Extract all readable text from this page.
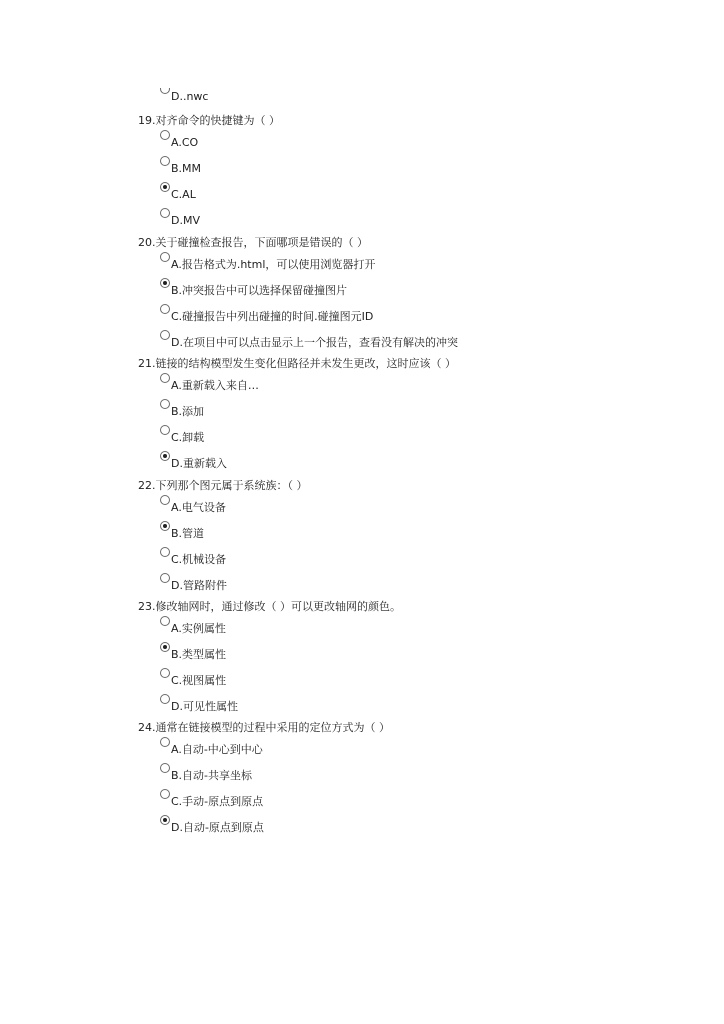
D..nwc
19.对齐命令的快捷键为（ ）
A.CO
B.MM
C.AL
D.MV
20.关于碰撞检查报告，下面哪项是错误的（ ）
A.报告格式为.html，可以使用浏览器打开
B.冲突报告中可以选择保留碰撞图片
C.碰撞报告中列出碰撞的时间.碰撞图元ID
D.在项目中可以点击显示上一个报告，查看没有解决的冲突
21.链接的结构模型发生变化但路径并未发生更改，这时应该（ ）
A.重新载入来自…
B.添加
C.卸载
D.重新载入
22.下列那个图元属于系统族：（ ）
A.电气设备
B.管道
C.机械设备
D.管路附件
23.修改轴网时，通过修改（ ）可以更改轴网的颜色。
A.实例属性
B.类型属性
C.视图属性
D.可见性属性
24.通常在链接模型的过程中采用的定位方式为（ ）
A.自动-中心到中心
B.自动-共享坐标
C.手动-原点到原点
D.自动-原点到原点
